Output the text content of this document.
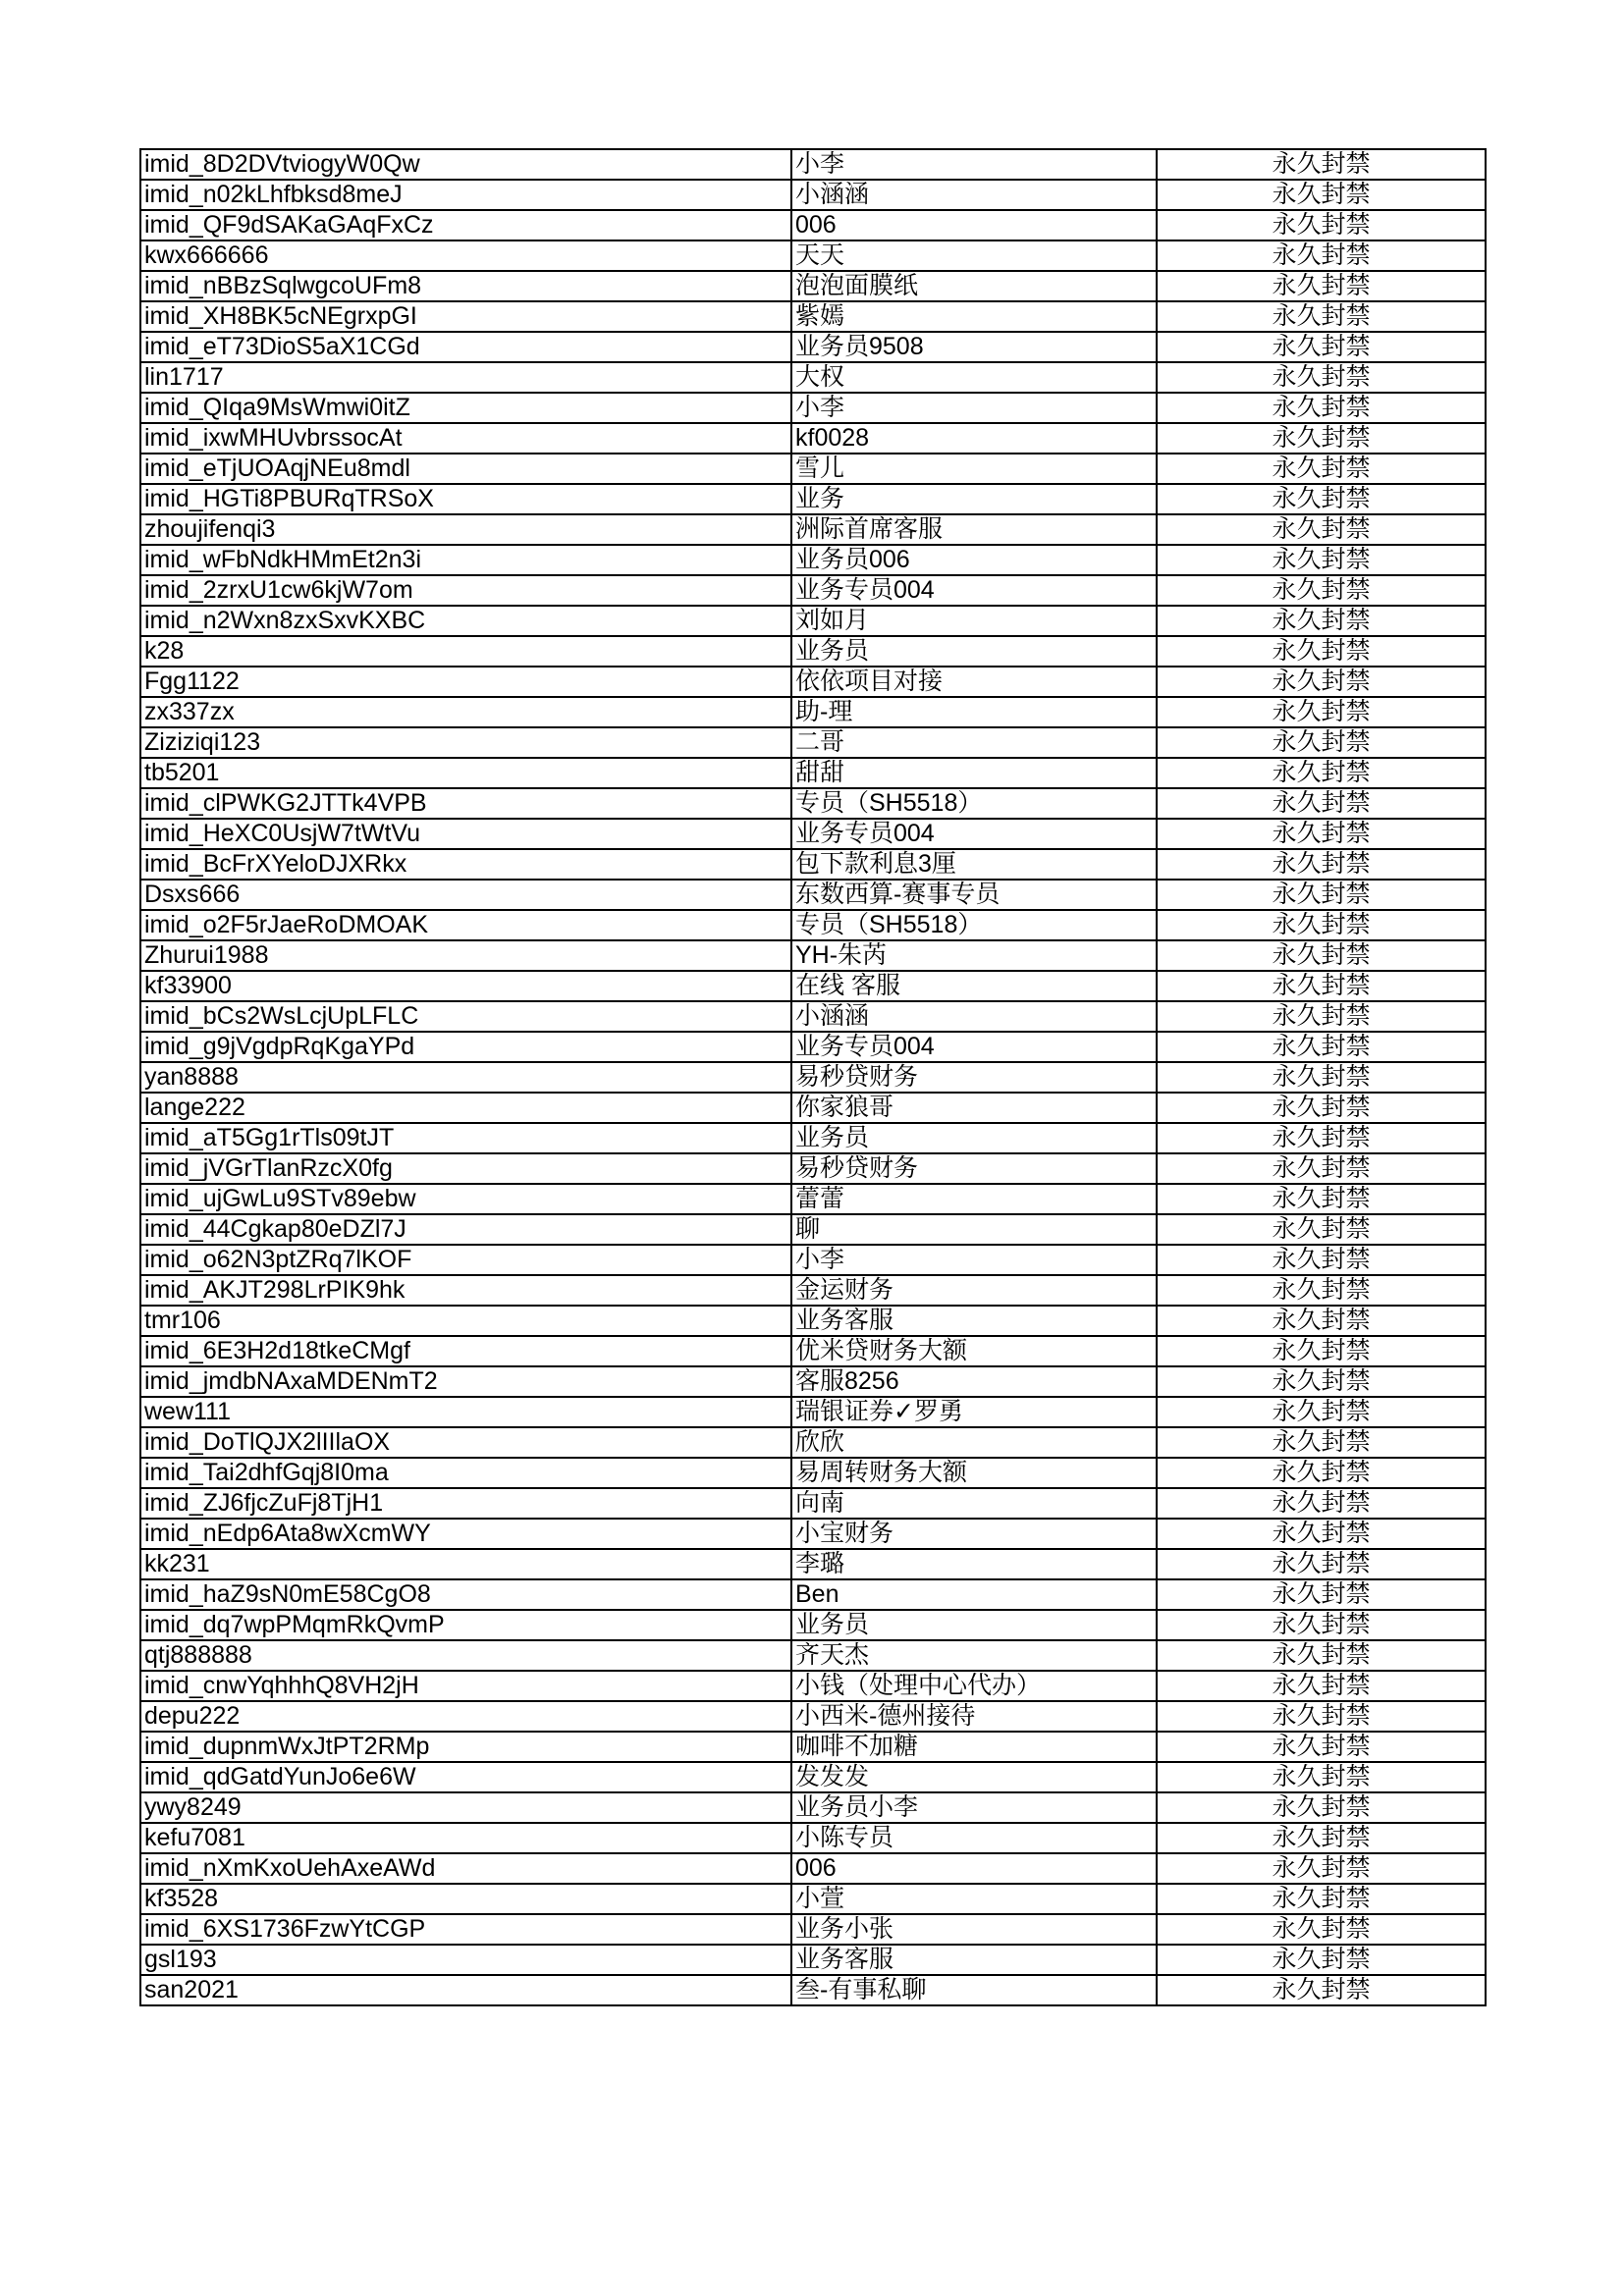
imid_8D2DVtviogyW0Qw	小李	永久封禁
imid_n02kLhfbksd8meJ	小涵涵	永久封禁
imid_QF9dSAKaGAqFxCz	006	永久封禁
kwx666666	天天	永久封禁
imid_nBBzSqlwgcoUFm8	泡泡面膜纸	永久封禁
imid_XH8BK5cNEgrxpGI	紫嫣	永久封禁
imid_eT73DioS5aX1CGd	业务员9508	永久封禁
lin1717	大权	永久封禁
imid_QIqa9MsWmwi0itZ	小李	永久封禁
imid_ixwMHUvbrssocAt	kf0028	永久封禁
imid_eTjUOAqjNEu8mdl	雪儿	永久封禁
imid_HGTi8PBURqTRSoX	业务	永久封禁
zhoujifenqi3	洲际首席客服	永久封禁
imid_wFbNdkHMmEt2n3i	业务员006	永久封禁
imid_2zrxU1cw6kjW7om	业务专员004	永久封禁
imid_n2Wxn8zxSxvKXBC	刘如月	永久封禁
k28	业务员	永久封禁
Fgg1122	依依项目对接	永久封禁
zx337zx	助-理	永久封禁
Ziziziqi123	二哥	永久封禁
tb5201	甜甜	永久封禁
imid_clPWKG2JTTk4VPB	专员（SH5518）	永久封禁
imid_HeXC0UsjW7tWtVu	业务专员004	永久封禁
imid_BcFrXYeloDJXRkx	包下款利息3厘	永久封禁
Dsxs666	东数西算-赛事专员	永久封禁
imid_o2F5rJaeRoDMOAK	专员（SH5518）	永久封禁
Zhurui1988	YH-朱芮	永久封禁
kf33900	在线 客服	永久封禁
imid_bCs2WsLcjUpLFLC	小涵涵	永久封禁
imid_g9jVgdpRqKgaYPd	业务专员004	永久封禁
yan8888	易秒贷财务	永久封禁
lange222	你家狼哥	永久封禁
imid_aT5Gg1rTls09tJT	业务员	永久封禁
imid_jVGrTlanRzcX0fg	易秒贷财务	永久封禁
imid_ujGwLu9STv89ebw	蕾蕾	永久封禁
imid_44Cgkap80eDZl7J	聊	永久封禁
imid_o62N3ptZRq7lKOF	小李	永久封禁
imid_AKJT298LrPIK9hk	金运财务	永久封禁
tmr106	业务客服	永久封禁
imid_6E3H2d18tkeCMgf	优米贷财务大额	永久封禁
imid_jmdbNAxaMDENmT2	客服8256	永久封禁
wew111	瑞银证券✓罗勇	永久封禁
imid_DoTlQJX2lIIlaOX	欣欣	永久封禁
imid_Tai2dhfGqj8I0ma	易周转财务大额	永久封禁
imid_ZJ6fjcZuFj8TjH1	向南	永久封禁
imid_nEdp6Ata8wXcmWY	小宝财务	永久封禁
kk231	李璐	永久封禁
imid_haZ9sN0mE58CgO8	Ben	永久封禁
imid_dq7wpPMqmRkQvmP	业务员	永久封禁
qtj888888	齐天杰	永久封禁
imid_cnwYqhhhQ8VH2jH	小钱（处理中心代办）	永久封禁
depu222	小西米-德州接待	永久封禁
imid_dupnmWxJtPT2RMp	咖啡不加糖	永久封禁
imid_qdGatdYunJo6e6W	发发发	永久封禁
ywy8249	业务员小李	永久封禁
kefu7081	小陈专员	永久封禁
imid_nXmKxoUehAxeAWd	006	永久封禁
kf3528	小萱	永久封禁
imid_6XS1736FzwYtCGP	业务小张	永久封禁
gsl193	业务客服	永久封禁
san2021	叁-有事私聊	永久封禁
